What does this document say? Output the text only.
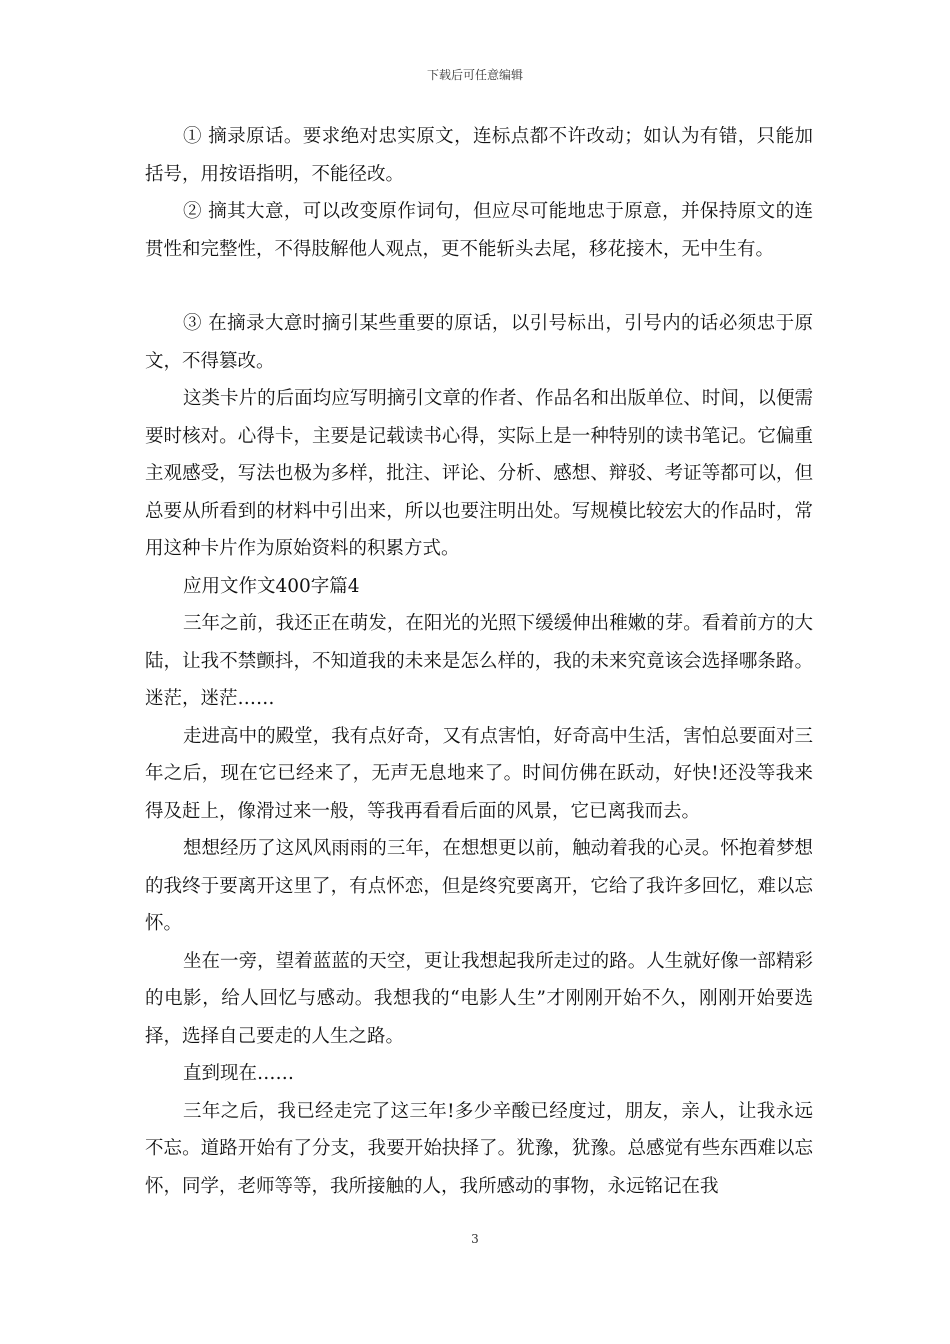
下载后可任意编辑

① 摘录原话。要求绝对忠实原文，连标点都不许改动；如认为有错，只能加括号，用按语指明，不能径改。

② 摘其大意，可以改变原作词句，但应尽可能地忠于原意，并保持原文的连贯性和完整性，不得肢解他人观点，更不能斩头去尾，移花接木，无中生有。

③ 在摘录大意时摘引某些重要的原话，以引号标出，引号内的话必须忠于原文，不得篡改。

这类卡片的后面均应写明摘引文章的作者、作品名和出版单位、时间，以便需要时核对。心得卡，主要是记载读书心得，实际上是一种特别的读书笔记。它偏重主观感受，写法也极为多样，批注、评论、分析、感想、辩驳、考证等都可以，但总要从所看到的材料中引出来，所以也要注明出处。写规模比较宏大的作品时，常用这种卡片作为原始资料的积累方式。

应用文作文400字篇4

三年之前，我还正在萌发，在阳光的光照下缓缓伸出稚嫩的芽。看着前方的大陆，让我不禁颤抖，不知道我的未来是怎么样的，我的未来究竟该会选择哪条路。迷茫，迷茫……

走进高中的殿堂，我有点好奇，又有点害怕，好奇高中生活，害怕总要面对三年之后，现在它已经来了，无声无息地来了。时间仿佛在跃动，好快!还没等我来得及赶上，像滑过来一般，等我再看看后面的风景，它已离我而去。

想想经历了这风风雨雨的三年，在想想更以前，触动着我的心灵。怀抱着梦想的我终于要离开这里了，有点怀恋，但是终究要离开，它给了我许多回忆，难以忘怀。

坐在一旁，望着蓝蓝的天空，更让我想起我所走过的路。人生就好像一部精彩的电影，给人回忆与感动。我想我的“电影人生”才刚刚开始不久，刚刚开始要选择，选择自己要走的人生之路。

直到现在……

三年之后，我已经走完了这三年!多少辛酸已经度过，朋友，亲人，让我永远不忘。道路开始有了分支，我要开始抉择了。犹豫，犹豫。总感觉有些东西难以忘怀，同学，老师等等，我所接触的人，我所感动的事物，永远铭记在我

3
